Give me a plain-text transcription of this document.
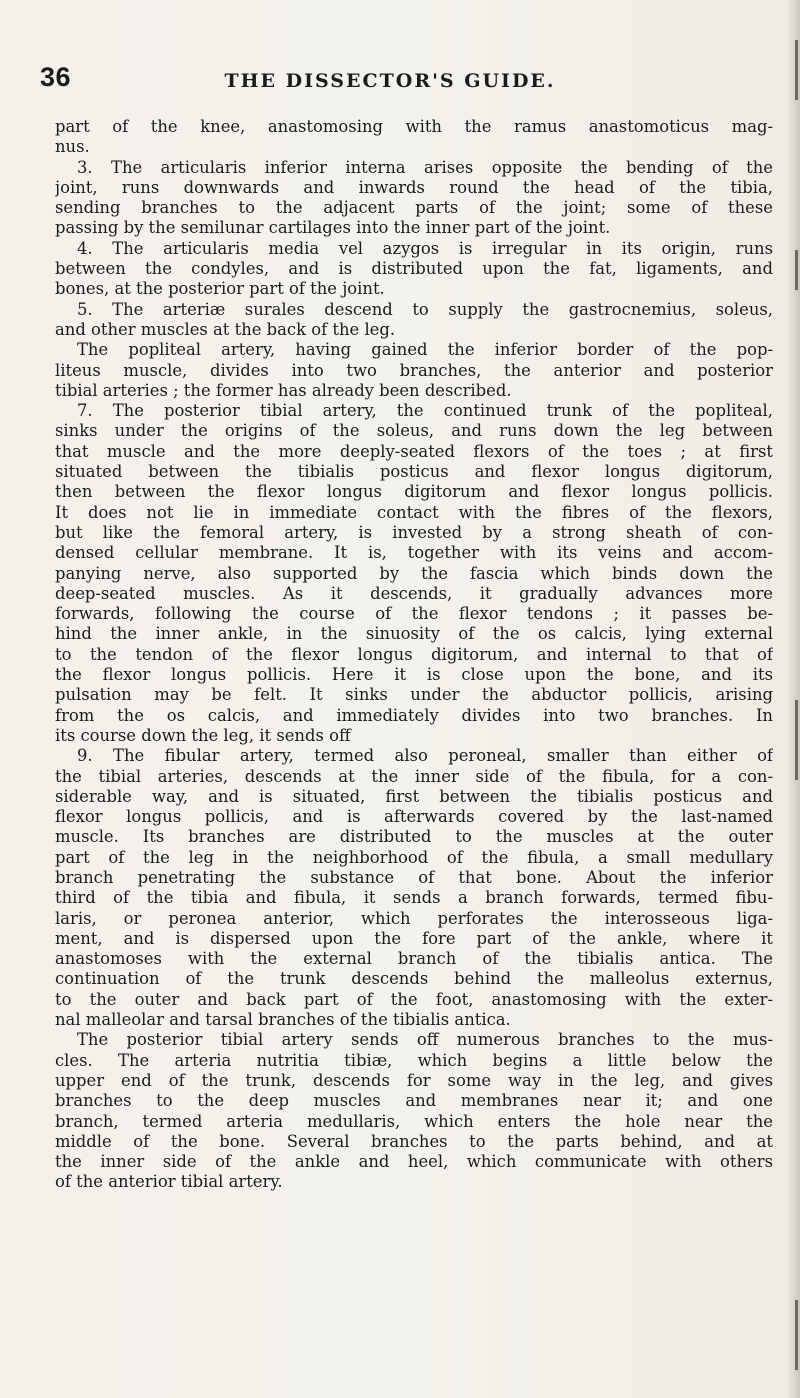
36	THE DISSECTOR'S GUIDE.
part of the knee, anastomosing with the ramus anastomoticus mag-
nus.
3. The articularis inferior interna arises opposite the bending of the
joint, runs downwards and inwards round the head of the tibia,
sending branches to the adjacent parts of the joint; some of these
passing by the semilunar cartilages into the inner part of the joint.
4. The articularis media vel azygos is irregular in its origin, runs
between the condyles, and is distributed upon the fat, ligaments, and
bones, at the posterior part of the joint.
5. The arteriæ surales descend to supply the gastrocnemius, soleus,
and other muscles at the back of the leg.
The popliteal artery, having gained the inferior border of the pop-
liteus muscle, divides into two branches, the anterior and posterior
tibial arteries ; the former has already been described.
7. The posterior tibial artery, the continued trunk of the popliteal,
sinks under the origins of the soleus, and runs down the leg between
that muscle and the more deeply-seated flexors of the toes ; at first
situated between the tibialis posticus and flexor longus digitorum,
then between the flexor longus digitorum and flexor longus pollicis.
It does not lie in immediate contact with the fibres of the flexors,
but like the femoral artery, is invested by a strong sheath of con-
densed cellular membrane. It is, together with its veins and accom-
panying nerve, also supported by the fascia which binds down the
deep-seated muscles. As it descends, it gradually advances more
forwards, following the course of the flexor tendons ; it passes be-
hind the inner ankle, in the sinuosity of the os calcis, lying external
to the tendon of the flexor longus digitorum, and internal to that of
the flexor longus pollicis. Here it is close upon the bone, and its
pulsation may be felt. It sinks under the abductor pollicis, arising
from the os calcis, and immediately divides into two branches. In
its course down the leg, it sends off
9. The fibular artery, termed also peroneal, smaller than either of
the tibial arteries, descends at the inner side of the fibula, for a con-
siderable way, and is situated, first between the tibialis posticus and
flexor longus pollicis, and is afterwards covered by the last-named
muscle. Its branches are distributed to the muscles at the outer
part of the leg in the neighborhood of the fibula, a small medullary
branch penetrating the substance of that bone. About the inferior
third of the tibia and fibula, it sends a branch forwards, termed fibu-
laris, or peronea anterior, which perforates the interosseous liga-
ment, and is dispersed upon the fore part of the ankle, where it
anastomoses with the external branch of the tibialis antica. The
continuation of the trunk descends behind the malleolus externus,
to the outer and back part of the foot, anastomosing with the exter-
nal malleolar and tarsal branches of the tibialis antica.
The posterior tibial artery sends off numerous branches to the mus-
cles. The arteria nutritia tibiæ, which begins a little below the
upper end of the trunk, descends for some way in the leg, and gives
branches to the deep muscles and membranes near it; and one
branch, termed arteria medullaris, which enters the hole near the
middle of the bone. Several branches to the parts behind, and at
the inner side of the ankle and heel, which communicate with others
of the anterior tibial artery.
